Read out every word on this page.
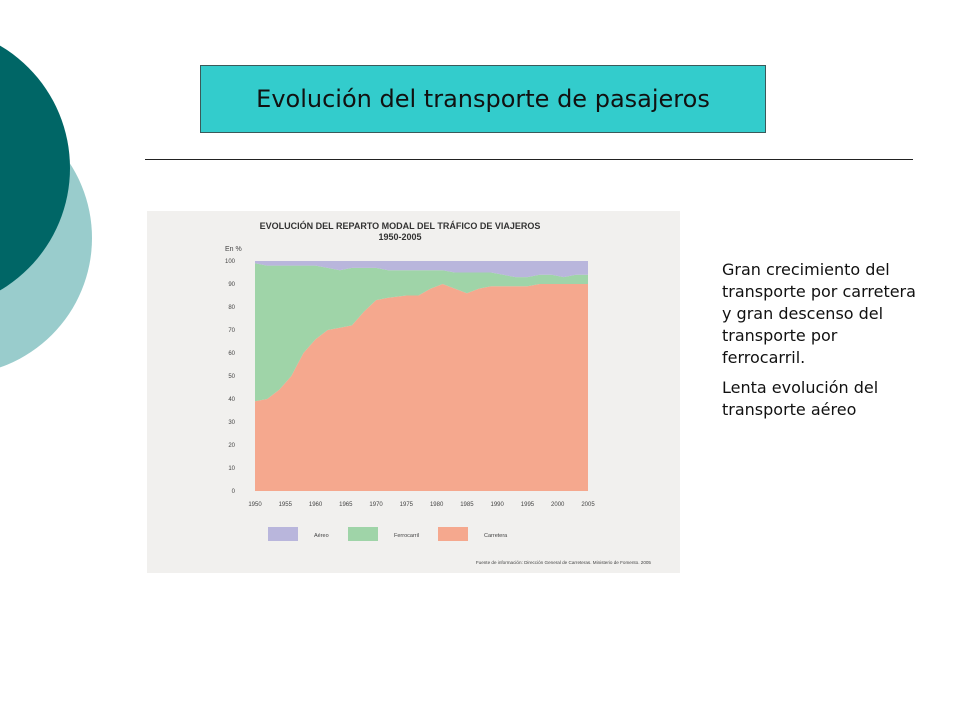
Evolución del transporte de pasajeros
EVOLUCIÓN DEL REPARTO MODAL DEL TRÁFICO DE VIAJEROS
1950-2005
En %
0
10
20
30
40
50
60
70
80
90
100
1950	1955	1960	1965	1970	1975	1980	1985	1990	1995	2000	2005
Aéreo	Ferrocarril	Carretera
Fuente de información: Dirección General de Carreteras. Ministerio de Fomento. 2005

Gran crecimiento del transporte por carretera y gran descenso del transporte por ferrocarril.

Lenta evolución del transporte aéreo
